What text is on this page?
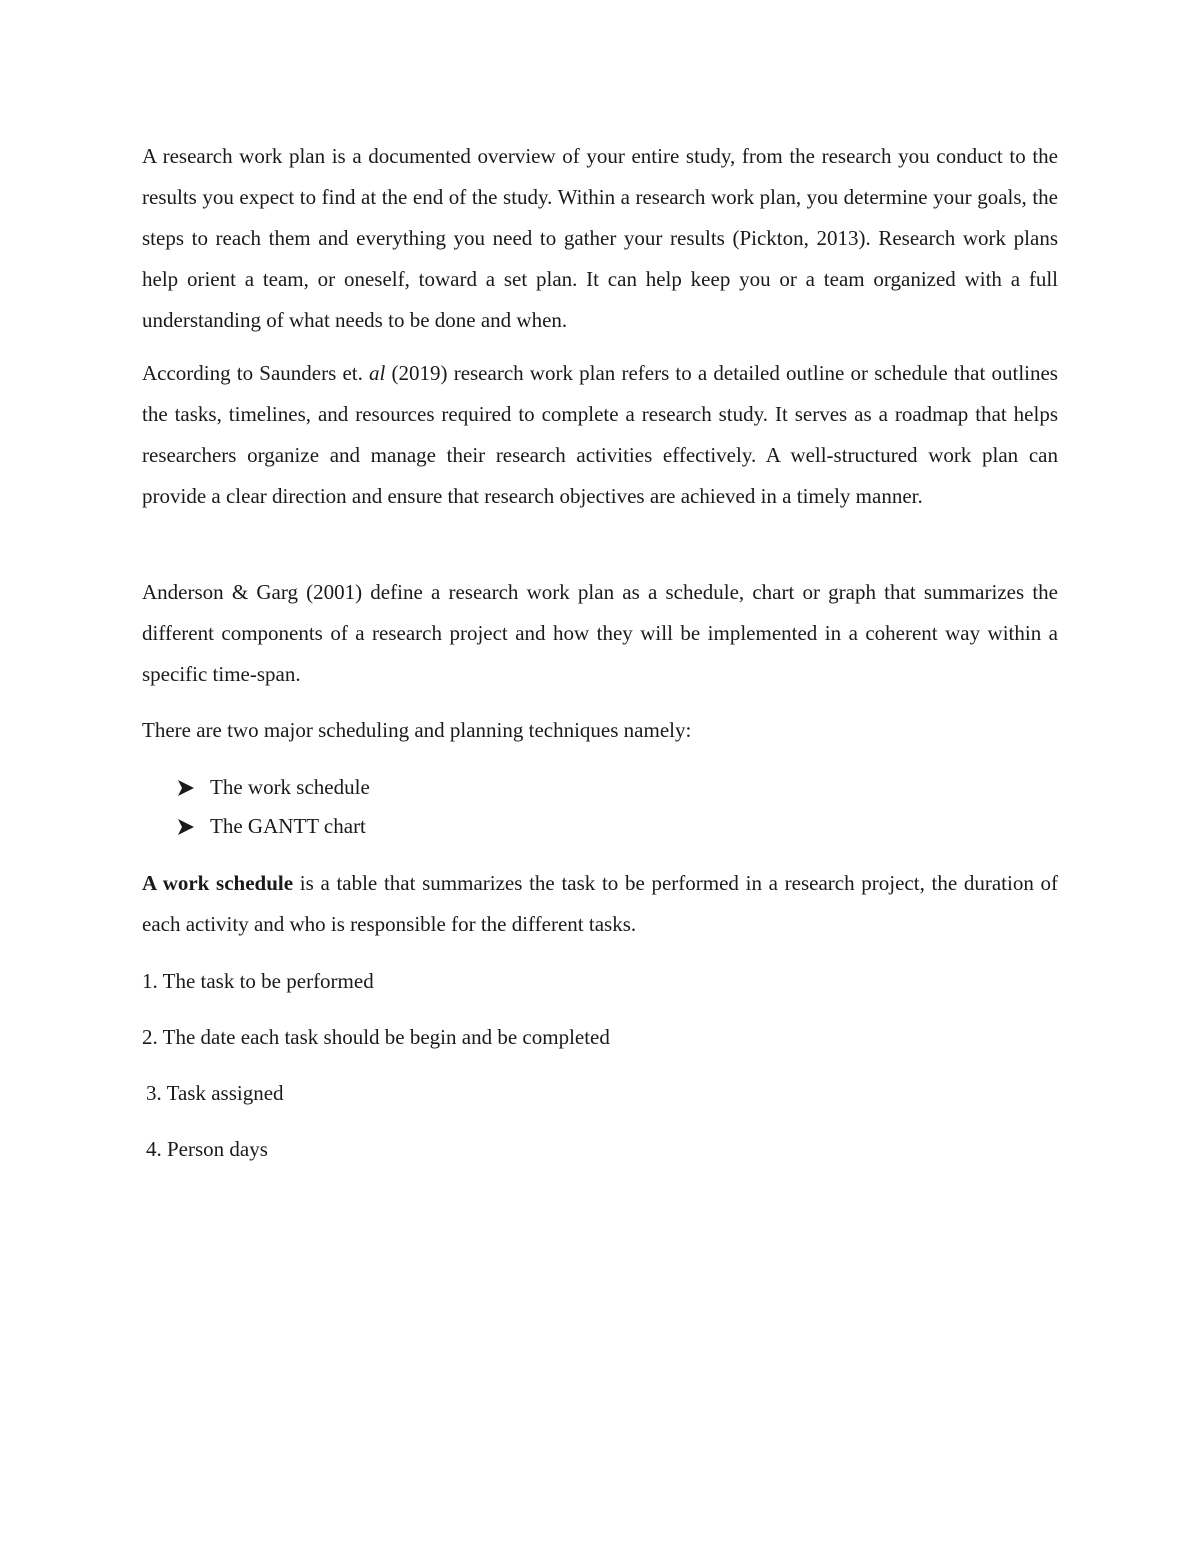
A research work plan is a documented overview of your entire study, from the research you conduct to the results you expect to find at the end of the study. Within a research work plan, you determine your goals, the steps to reach them and everything you need to gather your results (Pickton, 2013). Research work plans help orient a team, or oneself, toward a set plan. It can help keep you or a team organized with a full understanding of what needs to be done and when.

According to Saunders et. al (2019) research work plan refers to a detailed outline or schedule that outlines the tasks, timelines, and resources required to complete a research study. It serves as a roadmap that helps researchers organize and manage their research activities effectively. A well-structured work plan can provide a clear direction and ensure that research objectives are achieved in a timely manner.

Anderson & Garg (2001) define a research work plan as a schedule, chart or graph that summarizes the different components of a research project and how they will be implemented in a coherent way within a specific time-span.

There are two major scheduling and planning techniques namely:

The work schedule
The GANTT chart

A work schedule is a table that summarizes the task to be performed in a research project, the duration of each activity and who is responsible for the different tasks.

1. The task to be performed

2. The date each task should be begin and be completed

3. Task assigned

4. Person days
